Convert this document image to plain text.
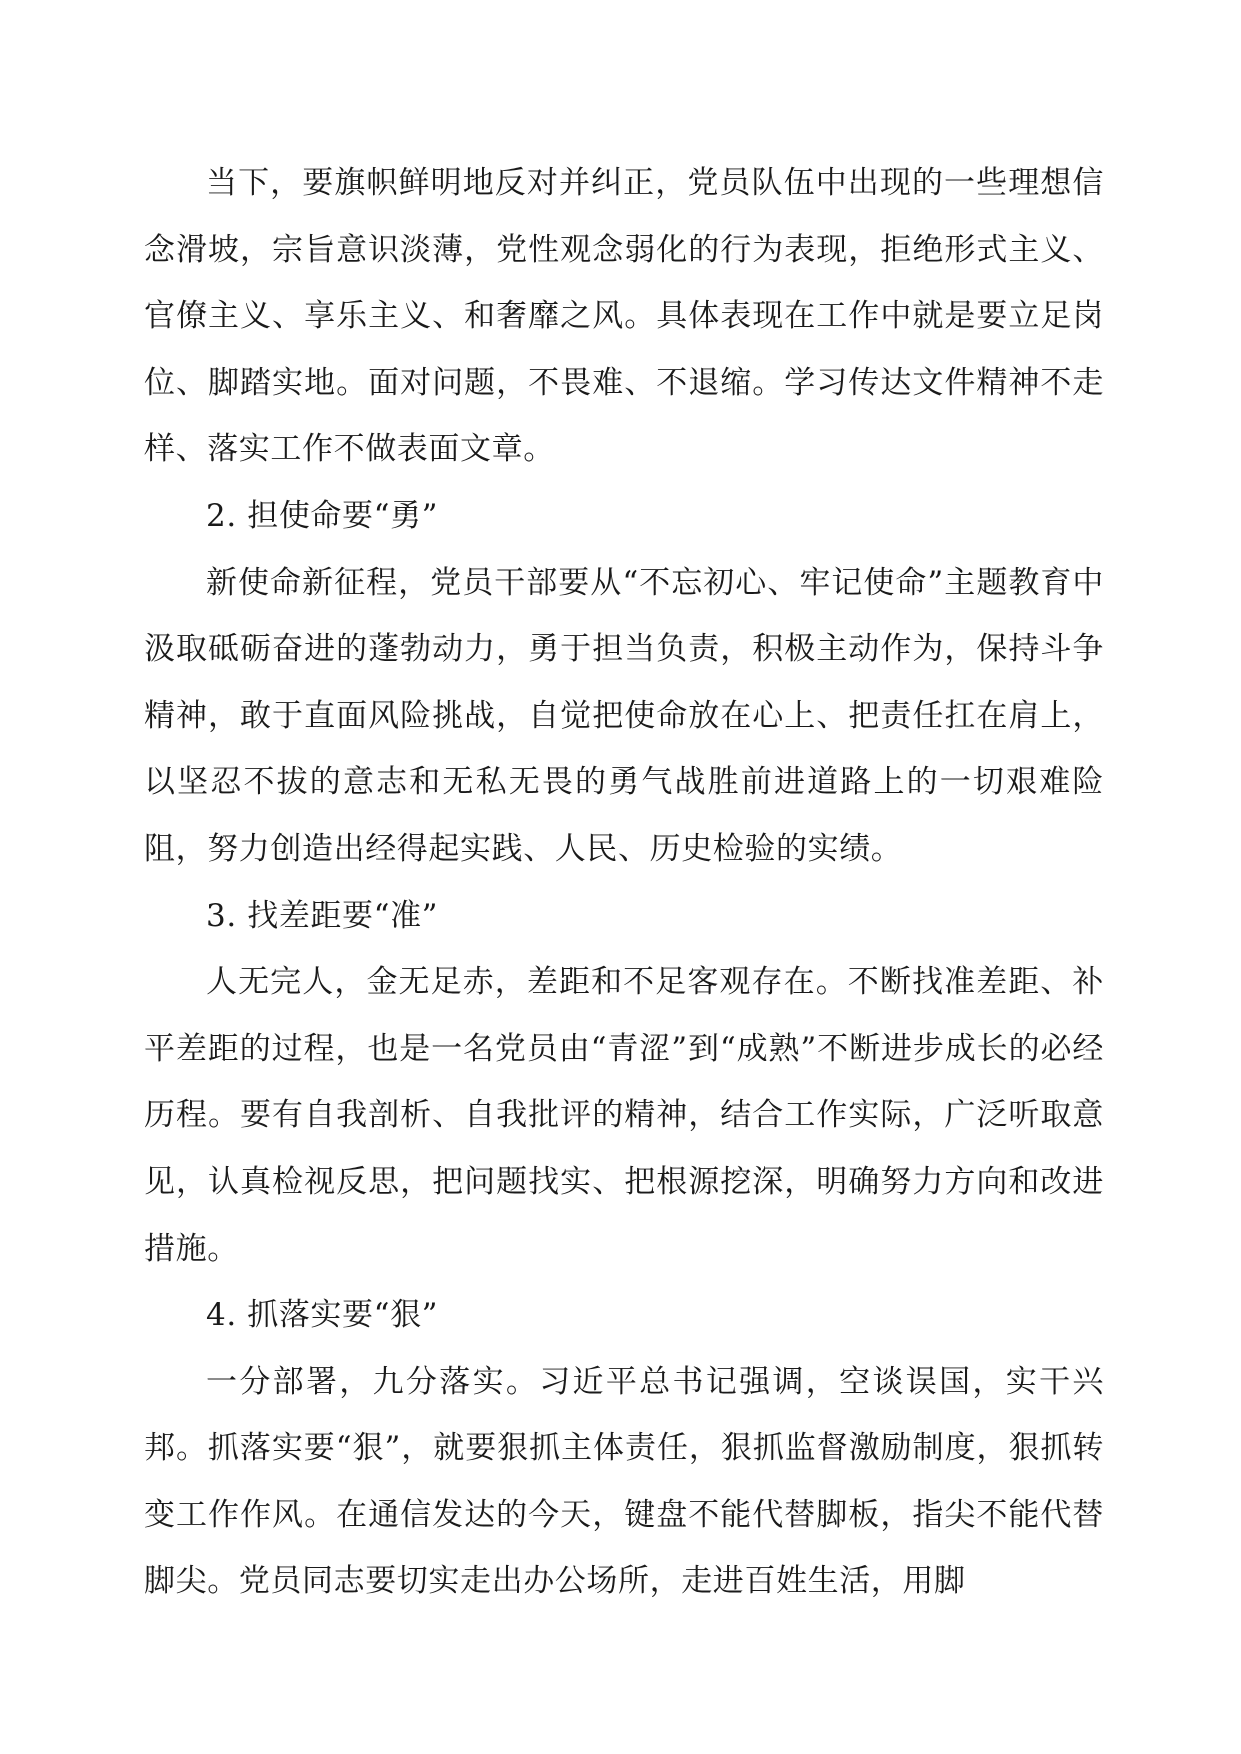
当下，要旗帜鲜明地反对并纠正，党员队伍中出现的一些理想信念滑坡，宗旨意识淡薄，党性观念弱化的行为表现，拒绝形式主义、官僚主义、享乐主义、和奢靡之风。具体表现在工作中就是要立足岗位、脚踏实地。面对问题，不畏难、不退缩。学习传达文件精神不走样、落实工作不做表面文章。

2. 担使命要“勇”

新使命新征程，党员干部要从“不忘初心、牢记使命”主题教育中汲取砥砺奋进的蓬勃动力，勇于担当负责，积极主动作为，保持斗争精神，敢于直面风险挑战，自觉把使命放在心上、把责任扛在肩上，以坚忍不拔的意志和无私无畏的勇气战胜前进道路上的一切艰难险阻，努力创造出经得起实践、人民、历史检验的实绩。

3. 找差距要“准”

人无完人，金无足赤，差距和不足客观存在。不断找准差距、补平差距的过程，也是一名党员由“青涩”到“成熟”不断进步成长的必经历程。要有自我剖析、自我批评的精神，结合工作实际，广泛听取意见，认真检视反思，把问题找实、把根源挖深，明确努力方向和改进措施。

4. 抓落实要“狠”

一分部署，九分落实。习近平总书记强调，空谈误国，实干兴邦。抓落实要“狠”，就要狠抓主体责任，狠抓监督激励制度，狠抓转变工作作风。在通信发达的今天，键盘不能代替脚板，指尖不能代替脚尖。党员同志要切实走出办公场所，走进百姓生活，用脚
